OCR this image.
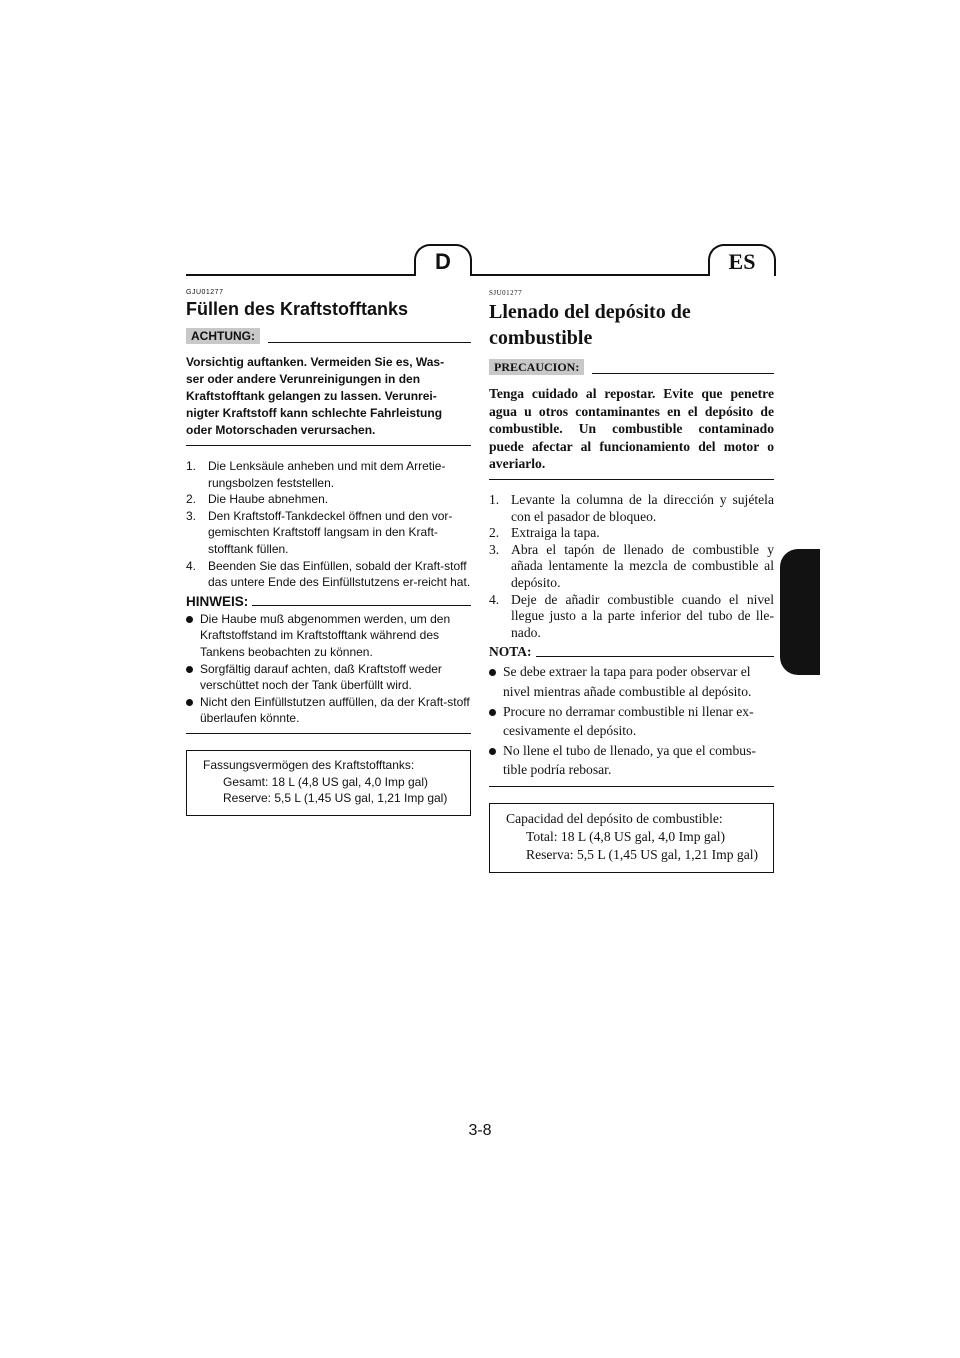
D	ES

GJU01277

Füllen des Kraftstofftanks
ACHTUNG:

Vorsichtig auftanken. Vermeiden Sie es, Was-
ser oder andere Verunreinigungen in den
Kraftstofftank gelangen zu lassen. Verunrei-
nigter Kraftstoff kann schlechte Fahrleistung
oder Motorschaden verursachen.

1. Die Lenksäule anheben und mit dem Arretie-rungsbolzen feststellen.
2. Die Haube abnehmen.
3. Den Kraftstoff-Tankdeckel öffnen und den vor-gemischten Kraftstoff langsam in den Kraft-stofftank füllen.
4. Beenden Sie das Einfüllen, sobald der Kraft-stoff das untere Ende des Einfüllstutzens er-reicht hat.
HINWEIS:
Die Haube muß abgenommen werden, um den Kraftstoffstand im Kraftstofftank während des Tankens beobachten zu können.
Sorgfältig darauf achten, daß Kraftstoff weder verschüttet noch der Tank überfüllt wird.
Nicht den Einfüllstutzen auffüllen, da der Kraft-stoff überlaufen könnte.
Fassungsvermögen des Kraftstofftanks:
Gesamt: 18 L (4,8 US gal, 4,0 Imp gal)
Reserve: 5,5 L (1,45 US gal, 1,21 Imp gal)

SJU01277

Llenado del depósito de
combustible
PRECAUCION:

Tenga cuidado al repostar. Evite que penetre agua u otros contaminantes en el depósito de combustible. Un combustible contaminado puede afectar al funcionamiento del motor o averiarlo.

1. Levante la columna de la dirección y sujétela con el pasador de bloqueo.
2. Extraiga la tapa.
3. Abra el tapón de llenado de combustible y añada lentamente la mezcla de combustible al depósito.
4. Deje de añadir combustible cuando el nivel llegue justo a la parte inferior del tubo de lle-nado.
NOTA:
Se debe extraer la tapa para poder observar el nivel mientras añade combustible al depósito.
Procure no derramar combustible ni llenar ex-cesivamente el depósito.
No llene el tubo de llenado, ya que el combus-tible podría rebosar.
Capacidad del depósito de combustible:
Total: 18 L (4,8 US gal, 4,0 Imp gal)
Reserva: 5,5 L (1,45 US gal, 1,21 Imp gal)
3-8
